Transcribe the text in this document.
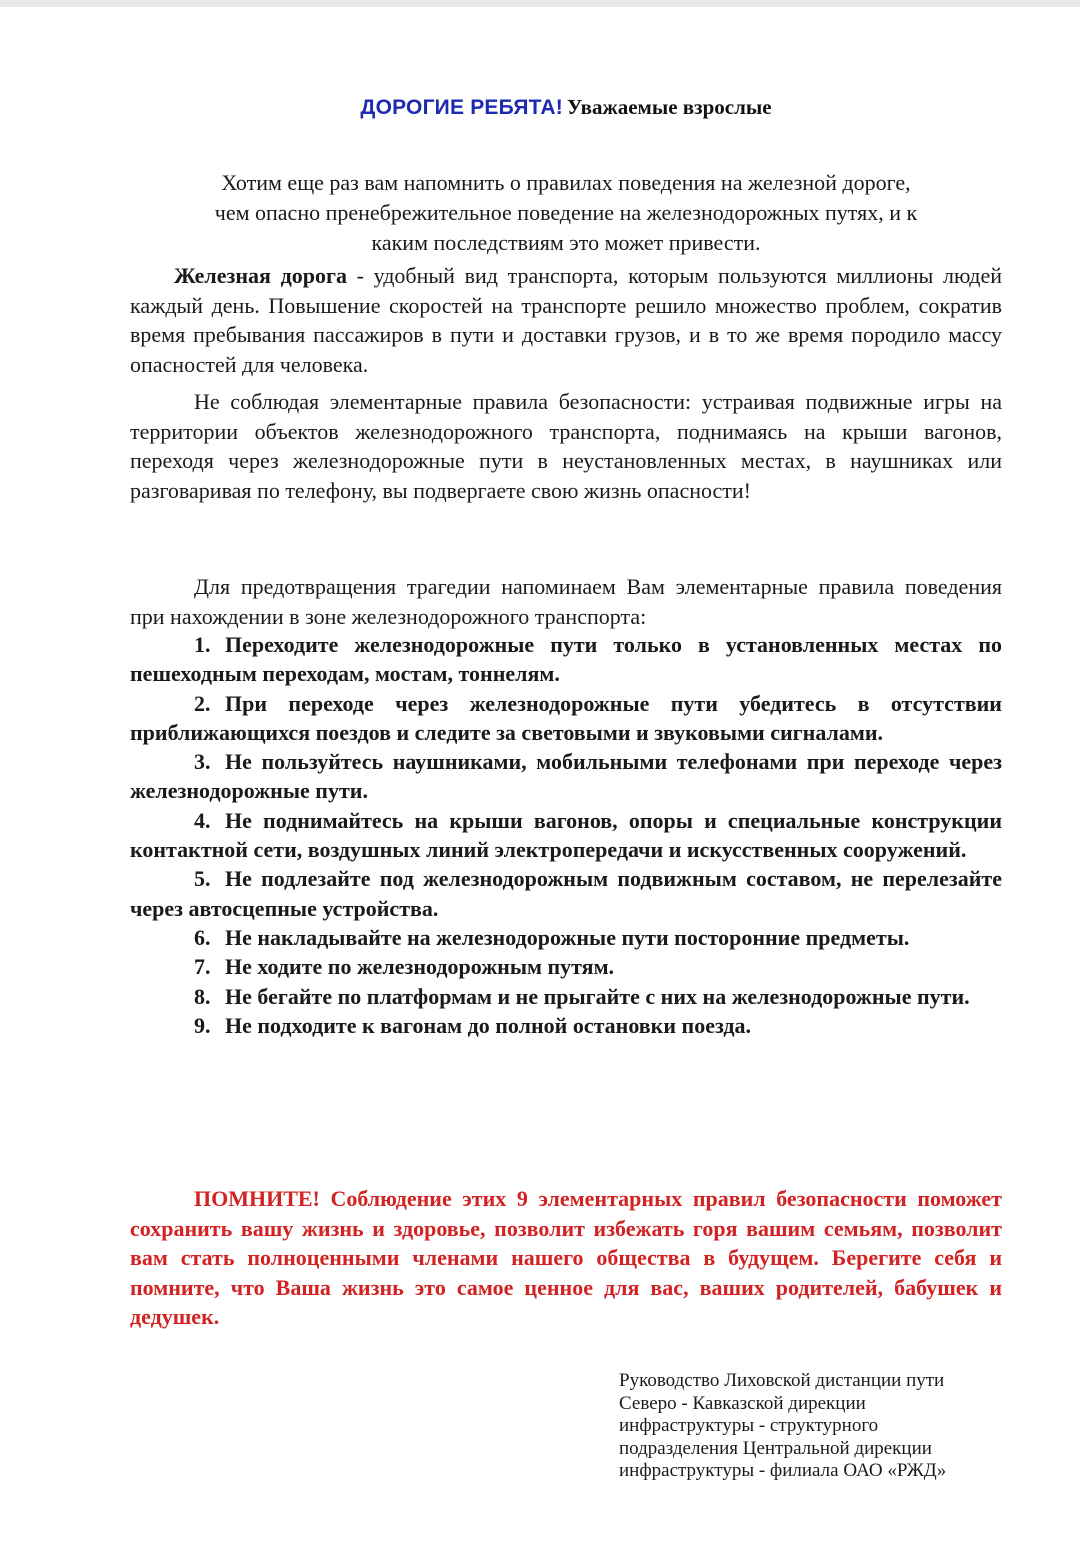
ДОРОГИЕ РЕБЯТА! Уважаемые взрослые
Хотим еще раз вам напомнить о правилах поведения на железной дороге,
чем опасно пренебрежительное поведение на железнодорожных путях, и к
каким последствиям это может привести.
Железная дорога - удобный вид транспорта, которым пользуются миллионы людей каждый день. Повышение скоростей на транспорте решило множество проблем, сократив время пребывания пассажиров в пути и доставки грузов, и в то же время породило массу опасностей для человека.
Не соблюдая элементарные правила безопасности: устраивая подвижные игры на территории объектов железнодорожного транспорта, поднимаясь на крыши вагонов, переходя через железнодорожные пути в неустановленных местах, в наушниках или разговаривая по телефону, вы подвергаете свою жизнь опасности!
Для предотвращения трагедии напоминаем Вам элементарные правила поведения при нахождении в зоне железнодорожного транспорта:
1. Переходите железнодорожные пути только в установленных местах по пешеходным переходам, мостам, тоннелям.
2. При переходе через железнодорожные пути убедитесь в отсутствии приближающихся поездов и следите за световыми и звуковыми сигналами.
3. Не пользуйтесь наушниками, мобильными телефонами при переходе через железнодорожные пути.
4. Не поднимайтесь на крыши вагонов, опоры и специальные конструкции контактной сети, воздушных линий электропередачи и искусственных сооружений.
5. Не подлезайте под железнодорожным подвижным составом, не перелезайте через автосцепные устройства.
6. Не накладывайте на железнодорожные пути посторонние предметы.
7. Не ходите по железнодорожным путям.
8. Не бегайте по платформам и не прыгайте с них на железнодорожные пути.
9. Не подходите к вагонам до полной остановки поезда.
ПОМНИТЕ! Соблюдение этих 9 элементарных правил безопасности поможет сохранить вашу жизнь и здоровье, позволит избежать горя вашим семьям, позволит вам стать полноценными членами нашего общества в будущем. Берегите себя и помните, что Ваша жизнь это самое ценное для вас, ваших родителей, бабушек и дедушек.
Руководство Лиховской дистанции пути
Северо - Кавказской дирекции
инфраструктуры - структурного
подразделения Центральной дирекции
инфраструктуры - филиала ОАО «РЖД»
